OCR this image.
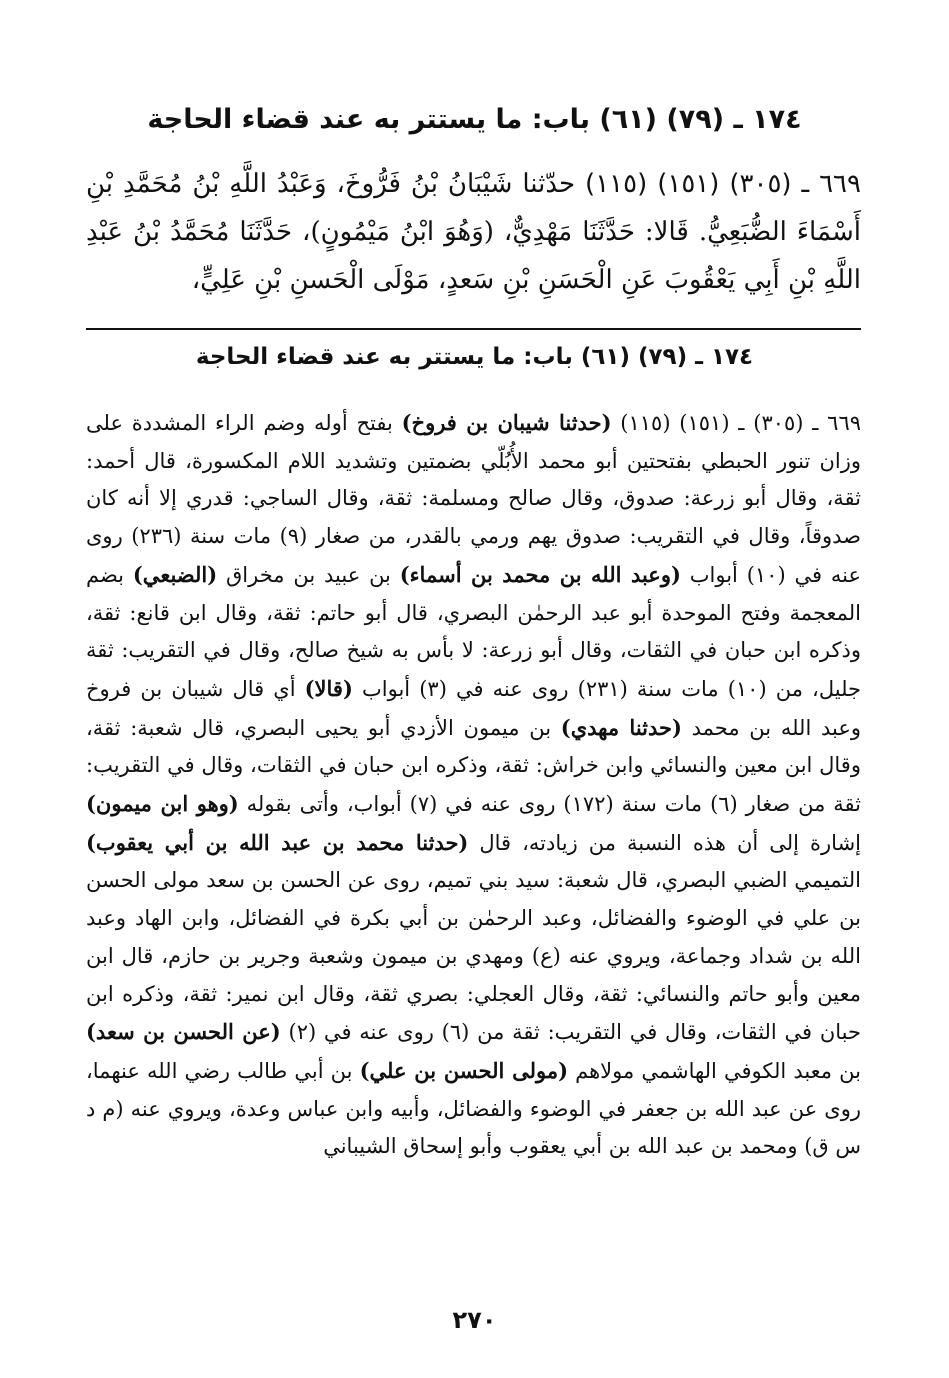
١٧٤ ـ (٧٩) (٦١) باب: ما يستتر به عند قضاء الحاجة
٦٦٩ ـ (٣٠٥) (١٥١) (١١٥) حدّثنا شَيْبَانُ بْنُ فَرُّوخَ، وَعَبْدُ اللَّهِ بْنُ مُحَمَّدِ بْنِ أَسْمَاءَ الضُّبَعِيُّ. قَالا: حَدَّثَنَا مَهْدِيٌّ، (وَهُوَ ابْنُ مَيْمُونٍ)، حَدَّثَنَا مُحَمَّدُ بْنُ عَبْدِ اللَّهِ بْنِ أَبِي يَعْقُوبَ عَنِ الْحَسَنِ بْنِ سَعدٍ، مَوْلَى الْحَسنِ بْنِ عَلِيٍّ،
١٧٤ ـ (٧٩) (٦١) باب: ما يستتر به عند قضاء الحاجة
٦٦٩ ـ (٣٠٥) ـ (١٥١) (١١٥) (حدثنا شيبان بن فروخ) بفتح أوله وضم الراء المشددة على وزان تنور الحبطي بفتحتين أبو محمد الأُبُلّي بضمتين وتشديد اللام المكسورة، قال أحمد: ثقة، وقال أبو زرعة: صدوق، وقال صالح ومسلمة: ثقة، وقال الساجي: قدري إلا أنه كان صدوقاً، وقال في التقريب: صدوق يهم ورمي بالقدر، من صغار (٩) مات سنة (٢٣٦) روى عنه في (١٠) أبواب (وعبد الله بن محمد بن أسماء) بن عبيد بن مخراق (الضبعي) بضم المعجمة وفتح الموحدة أبو عبد الرحمٰن البصري، قال أبو حاتم: ثقة، وقال ابن قانع: ثقة، وذكره ابن حبان في الثقات، وقال أبو زرعة: لا بأس به شيخ صالح، وقال في التقريب: ثقة جليل، من (١٠) مات سنة (٢٣١) روى عنه في (٣) أبواب (قالا) أي قال شيبان بن فروخ وعبد الله بن محمد (حدثنا مهدي) بن ميمون الأزدي أبو يحيى البصري، قال شعبة: ثقة، وقال ابن معين والنسائي وابن خراش: ثقة، وذكره ابن حبان في الثقات، وقال في التقريب: ثقة من صغار (٦) مات سنة (١٧٢) روى عنه في (٧) أبواب، وأتى بقوله (وهو ابن ميمون) إشارة إلى أن هذه النسبة من زيادته، قال (حدثنا محمد بن عبد الله بن أبي يعقوب) التميمي الضبي البصري، قال شعبة: سيد بني تميم، روى عن الحسن بن سعد مولى الحسن بن علي في الوضوء والفضائل، وعبد الرحمٰن بن أبي بكرة في الفضائل، وابن الهاد وعبد الله بن شداد وجماعة، ويروي عنه (ع) ومهدي بن ميمون وشعبة وجرير بن حازم، قال ابن معين وأبو حاتم والنسائي: ثقة، وقال العجلي: بصري ثقة، وقال ابن نمير: ثقة، وذكره ابن حبان في الثقات، وقال في التقريب: ثقة من (٦) روى عنه في (٢) (عن الحسن بن سعد) بن معبد الكوفي الهاشمي مولاهم (مولى الحسن بن علي) بن أبي طالب رضي الله عنهما، روى عن عبد الله بن جعفر في الوضوء والفضائل، وأبيه وابن عباس وعدة، ويروي عنه (م د س ق) ومحمد بن عبد الله بن أبي يعقوب وأبو إسحاق الشيباني
٢٧٠
